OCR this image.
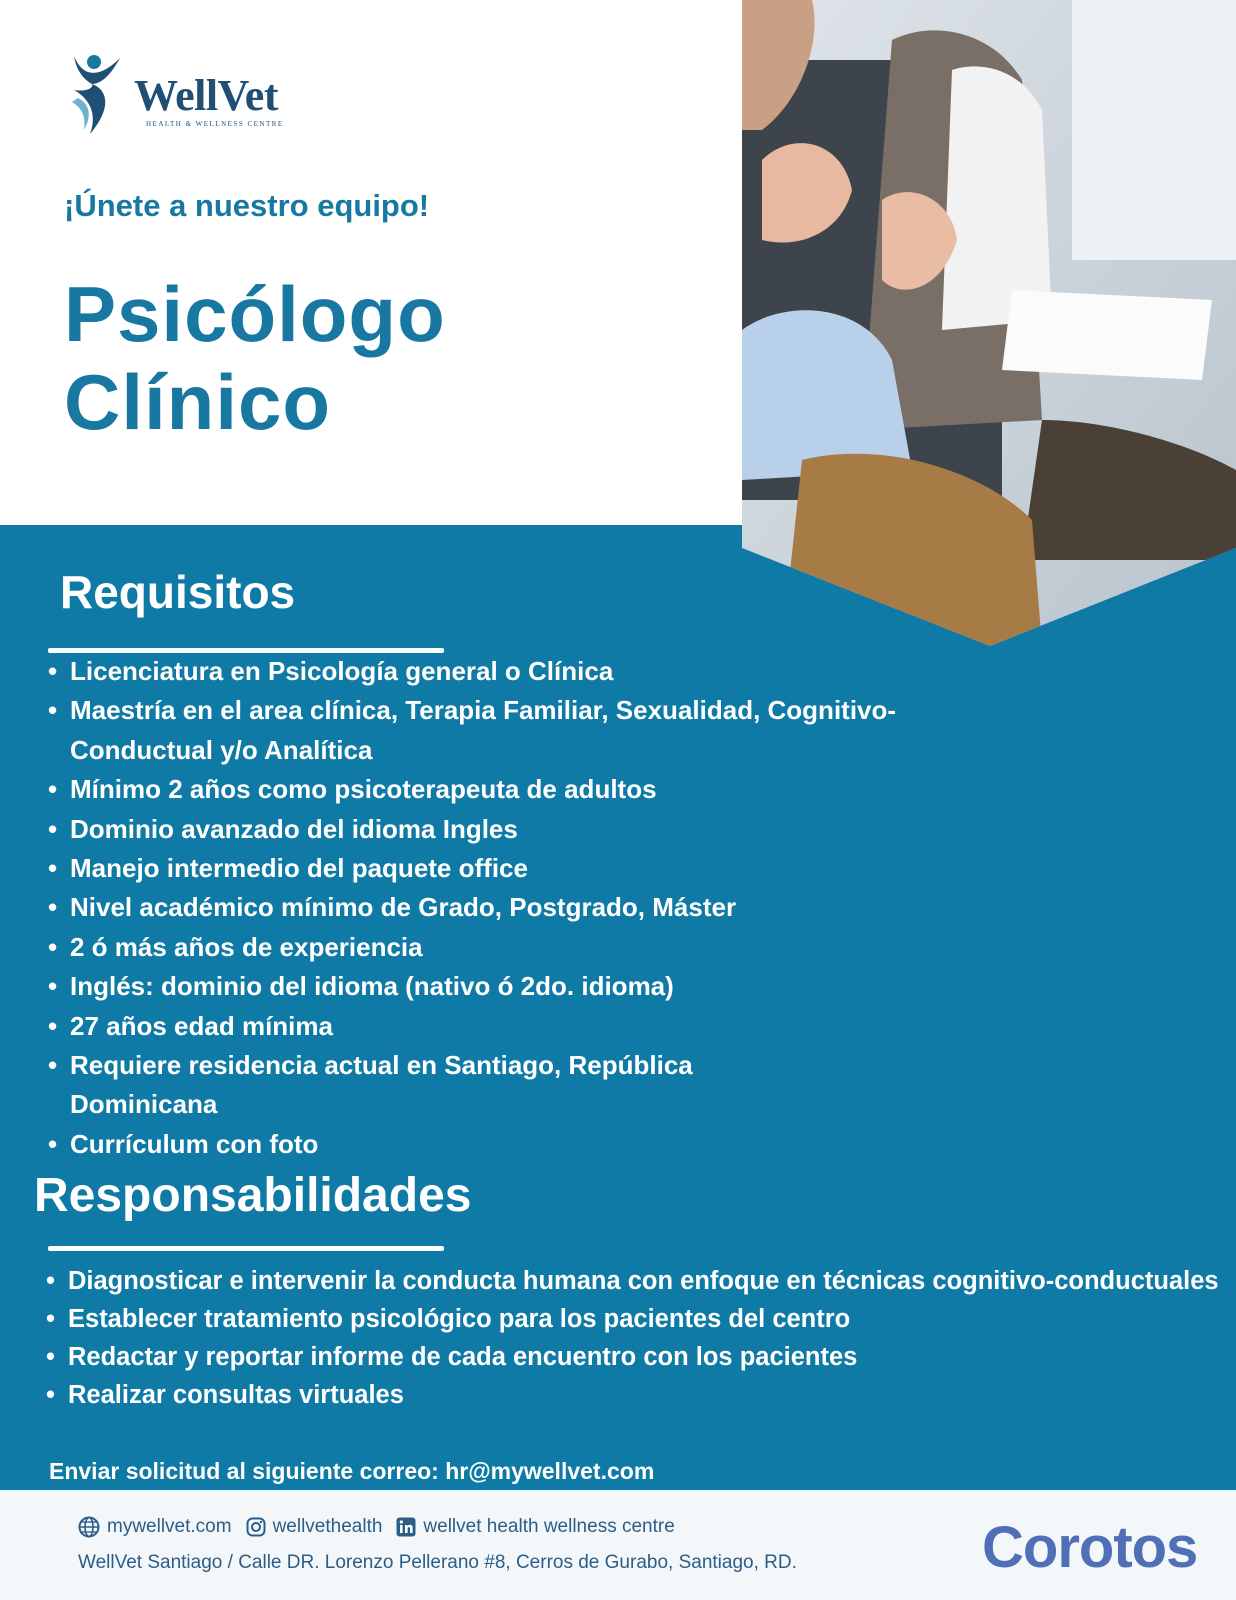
WellVet
HEALTH & WELLNESS CENTRE
¡Únete a nuestro equipo!
Psicólogo
Clínico
Requisitos
• Licenciatura en Psicología general o Clínica
• Maestría en el area clínica, Terapia Familiar, Sexualidad, Cognitivo-Conductual y/o Analítica
• Mínimo 2 años como psicoterapeuta de adultos
• Dominio avanzado del idioma Ingles
• Manejo intermedio del paquete office
• Nivel académico mínimo de Grado, Postgrado, Máster
• 2 ó más años de experiencia
• Inglés: dominio del idioma (nativo ó 2do. idioma)
• 27 años edad mínima
• Requiere residencia actual en Santiago, República Dominicana
• Currículum con foto
Responsabilidades
• Diagnosticar e intervenir la conducta humana con enfoque en técnicas cognitivo-conductuales
• Establecer tratamiento psicológico para los pacientes del centro
• Redactar y reportar informe de cada encuentro con los pacientes
• Realizar consultas virtuales
Enviar solicitud al siguiente correo: hr@mywellvet.com
mywellvet.com wellvethealth wellvet health wellness centre
WellVet Santiago / Calle DR. Lorenzo Pellerano #8, Cerros de Gurabo, Santiago, RD.	Corotos
